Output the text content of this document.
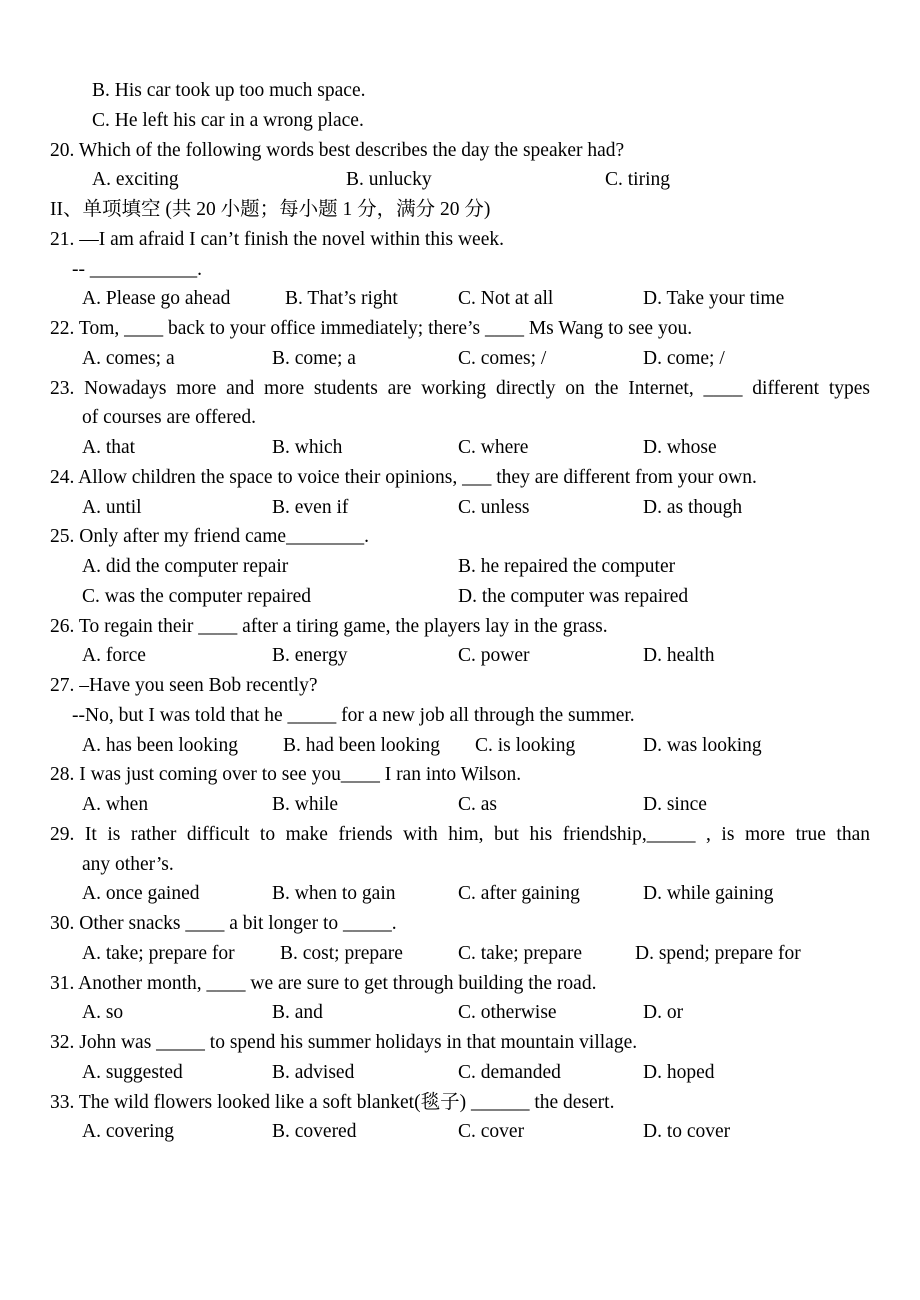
B. His car took up too much space.
C. He left his car in a wrong place.
20. Which of the following words best describes the day the speaker had?
A. exciting	B. unlucky	C. tiring
II、单项填空 (共 20 小题；每小题 1 分，满分 20 分)
21. —I am afraid I can’t finish the novel within this week.
-- ___________.
A. Please go ahead	B. That’s right	C. Not at all	D. Take your time
22. Tom, ____ back to your office immediately; there’s ____ Ms Wang to see you.
A. comes; a	B. come; a	C. comes; /	D. come; /
23. Nowadays more and more students are working directly on the Internet, ____ different types
of courses are offered.
A. that	B. which	C. where	D. whose
24. Allow children the space to voice their opinions, ___ they are different from your own.
A. until	B. even if	C. unless	D. as though
25. Only after my friend came________.
A. did the computer repair	B. he repaired the computer
C. was the computer repaired	D. the computer was repaired
26. To regain their ____ after a tiring game, the players lay in the grass.
A. force	B. energy	C. power	D. health
27. –Have you seen Bob recently?
--No, but I was told that he _____ for a new job all through the summer.
A. has been looking B. had been looking C. is looking	D. was looking
28. I was just coming over to see you____ I ran into Wilson.
A. when	B. while	C. as	D. since
29. It is rather difficult to make friends with him, but his friendship,_____ , is more true than
any other’s.
A. once gained	B. when to gain	C. after gaining	D. while gaining
30. Other snacks ____ a bit longer to _____.
A. take; prepare for B. cost; prepare	C. take; prepare	D. spend; prepare for
31. Another month, ____ we are sure to get through building the road.
A. so	B. and	C. otherwise	D. or
32. John was _____ to spend his summer holidays in that mountain village.
A. suggested	B. advised	C. demanded	D. hoped
33. The wild flowers looked like a soft blanket(毯子) ______ the desert.
A. covering	B. covered	C. cover	D. to cover
